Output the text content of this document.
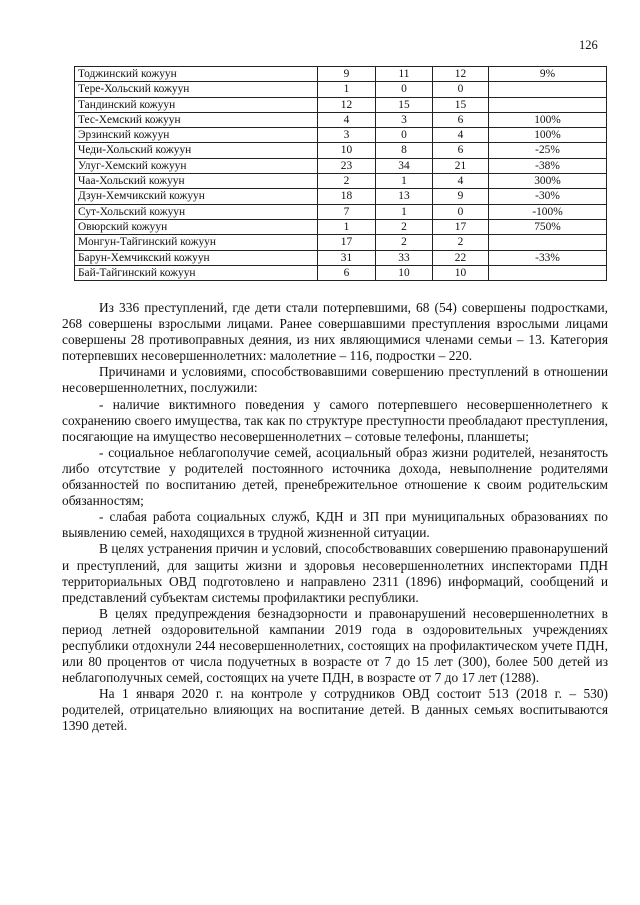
126
Тоджинский кожуун	9	11	12	9%
Тере-Хольский кожуун	1	0	0	
Тандинский кожуун	12	15	15	
Тес-Хемский кожуун	4	3	6	100%
Эрзинский кожуун	3	0	4	100%
Чеди-Хольский кожуун	10	8	6	-25%
Улуг-Хемский кожуун	23	34	21	-38%
Чаа-Хольский кожуун	2	1	4	300%
Дзун-Хемчикский кожуун	18	13	9	-30%
Сут-Хольский кожуун	7	1	0	-100%
Овюрский кожуун	1	2	17	750%
Монгун-Тайгинский кожуун	17	2	2	
Барун-Хемчикский кожуун	31	33	22	-33%
Бай-Тайгинский кожуун	6	10	10	

Из 336 преступлений, где дети стали потерпевшими, 68 (54) совершены подростками, 268 совершены взрослыми лицами. Ранее совершавшими преступления взрослыми лицами совершены 28 противоправных деяния, из них являющимися членами семьи – 13. Категория потерпевших несовершеннолетних: малолетние – 116, подростки – 220.

Причинами и условиями, способствовавшими совершению преступлений в отношении несовершеннолетних, послужили:

- наличие виктимного поведения у самого потерпевшего несовершеннолетнего к сохранению своего имущества, так как по структуре преступности преобладают преступления, посягающие на имущество несовершеннолетних – сотовые телефоны, планшеты;

- социальное неблагополучие семей, асоциальный образ жизни родителей, незанятость либо отсутствие у родителей постоянного источника дохода, невыполнение родителями обязанностей по воспитанию детей, пренебрежительное отношение к своим родительским обязанностям;

- слабая работа социальных служб, КДН и ЗП при муниципальных образованиях по выявлению семей, находящихся в трудной жизненной ситуации.

В целях устранения причин и условий, способствовавших совершению правонарушений и преступлений, для защиты жизни и здоровья несовершеннолетних инспекторами ПДН территориальных ОВД подготовлено и направлено 2311 (1896) информаций, сообщений и представлений субъектам системы профилактики республики.

В целях предупреждения безнадзорности и правонарушений несовершеннолетних в период летней оздоровительной кампании 2019 года в оздоровительных учреждениях республики отдохнули 244 несовершеннолетних, состоящих на профилактическом учете ПДН, или 80 процентов от числа подучетных в возрасте от 7 до 15 лет (300), более 500 детей из неблагополучных семей, состоящих на учете ПДН, в возрасте от 7 до 17 лет (1288).

На 1 января 2020 г. на контроле у сотрудников ОВД состоит 513 (2018 г. – 530) родителей, отрицательно влияющих на воспитание детей. В данных семьях воспитываются 1390 детей.
